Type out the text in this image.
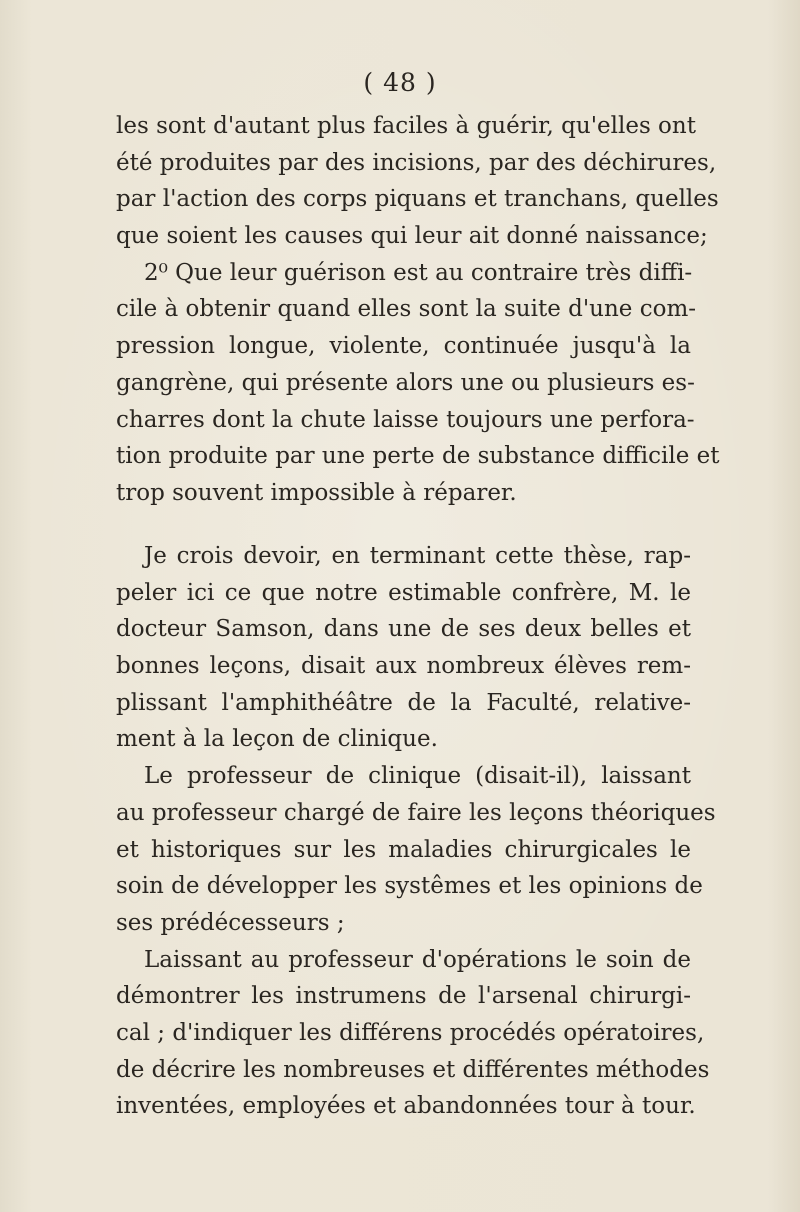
( 48 )
les sont d'autant plus faciles à guérir, qu'elles ont
été produites par des incisions, par des déchirures,
par l'action des corps piquans et tranchans, quelles
que soient les causes qui leur ait donné naissance;
2⁰ Que leur guérison est au contraire très diffi-
cile à obtenir quand elles sont la suite d'une com-
pression longue, violente, continuée jusqu'à la
gangrène, qui présente alors une ou plusieurs es-
charres dont la chute laisse toujours une perfora-
tion produite par une perte de substance difficile et
trop souvent impossible à réparer.
Je crois devoir, en terminant cette thèse, rap-
peler ici ce que notre estimable confrère, M. le
docteur Samson, dans une de ses deux belles et
bonnes leçons, disait aux nombreux élèves rem-
plissant l'amphithéâtre de la Faculté, relative-
ment à la leçon de clinique.
Le professeur de clinique (disait-il), laissant
au professeur chargé de faire les leçons théoriques
et historiques sur les maladies chirurgicales le
soin de développer les systêmes et les opinions de
ses prédécesseurs ;
Laissant au professeur d'opérations le soin de
démontrer les instrumens de l'arsenal chirurgi-
cal ; d'indiquer les différens procédés opératoires,
de décrire les nombreuses et différentes méthodes
inventées, employées et abandonnées tour à tour.
